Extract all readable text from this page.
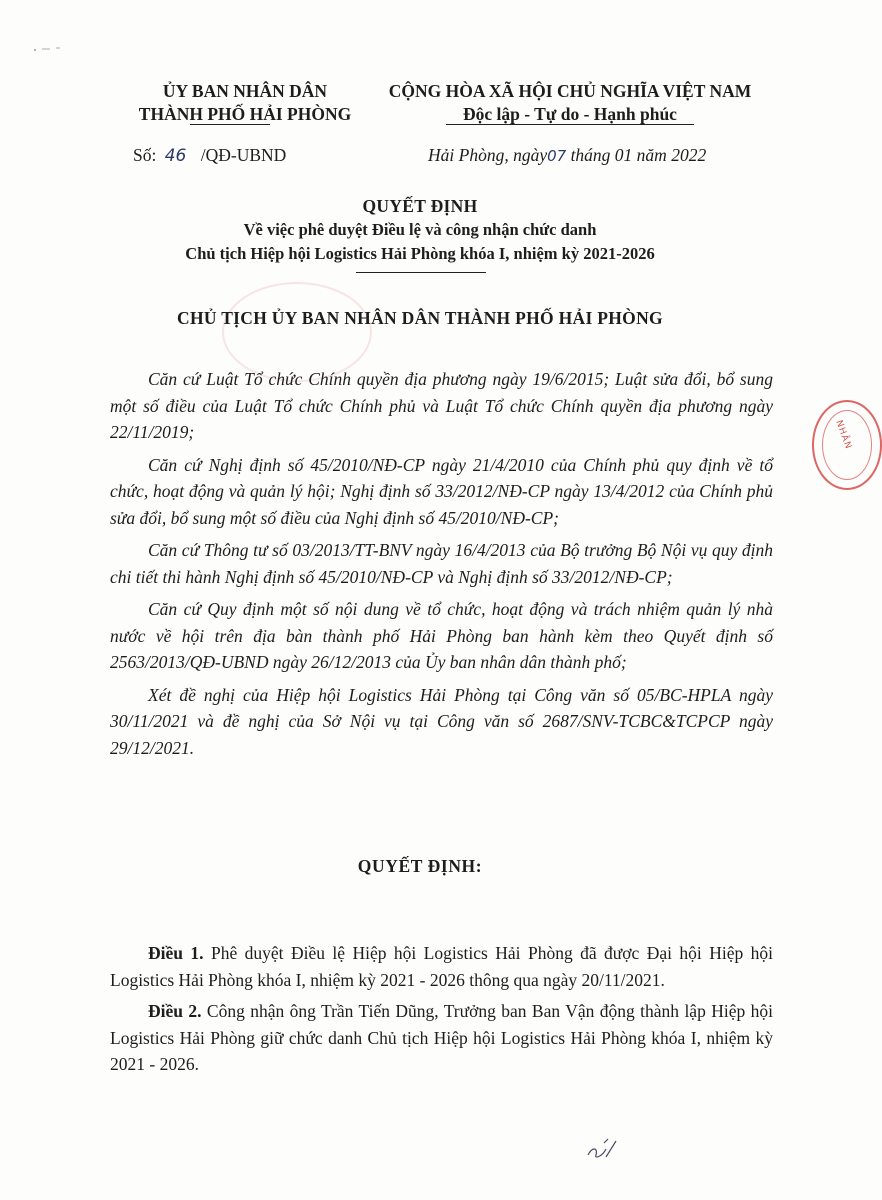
ỦY BAN NHÂN DÂN
THÀNH PHỐ HẢI PHÒNG
CỘNG HÒA XÃ HỘI CHỦ NGHĨA VIỆT NAM
Độc lập - Tự do - Hạnh phúc
Số: 46 /QĐ-UBND	Hải Phòng, ngày07 tháng 01 năm 2022
QUYẾT ĐỊNH
Về việc phê duyệt Điều lệ và công nhận chức danh
Chủ tịch Hiệp hội Logistics Hải Phòng khóa I, nhiệm kỳ 2021-2026
CHỦ TỊCH ỦY BAN NHÂN DÂN THÀNH PHỐ HẢI PHÒNG

Căn cứ Luật Tổ chức Chính quyền địa phương ngày 19/6/2015; Luật sửa đổi, bổ sung một số điều của Luật Tổ chức Chính phủ và Luật Tổ chức Chính quyền địa phương ngày 22/11/2019;

Căn cứ Nghị định số 45/2010/NĐ-CP ngày 21/4/2010 của Chính phủ quy định về tổ chức, hoạt động và quản lý hội; Nghị định số 33/2012/NĐ-CP ngày 13/4/2012 của Chính phủ sửa đổi, bổ sung một số điều của Nghị định số 45/2010/NĐ-CP;

Căn cứ Thông tư số 03/2013/TT-BNV ngày 16/4/2013 của Bộ trưởng Bộ Nội vụ quy định chi tiết thi hành Nghị định số 45/2010/NĐ-CP và Nghị định số 33/2012/NĐ-CP;

Căn cứ Quy định một số nội dung về tổ chức, hoạt động và trách nhiệm quản lý nhà nước về hội trên địa bàn thành phố Hải Phòng ban hành kèm theo Quyết định số 2563/2013/QĐ-UBND ngày 26/12/2013 của Ủy ban nhân dân thành phố;

Xét đề nghị của Hiệp hội Logistics Hải Phòng tại Công văn số 05/BC-HPLA ngày 30/11/2021 và đề nghị của Sở Nội vụ tại Công văn số 2687/SNV-TCBC&TCPCP ngày 29/12/2021.

QUYẾT ĐỊNH:

Điều 1. Phê duyệt Điều lệ Hiệp hội Logistics Hải Phòng đã được Đại hội Hiệp hội Logistics Hải Phòng khóa I, nhiệm kỳ 2021 - 2026 thông qua ngày 20/11/2021.

Điều 2. Công nhận ông Trần Tiến Dũng, Trưởng ban Ban Vận động thành lập Hiệp hội Logistics Hải Phòng giữ chức danh Chủ tịch Hiệp hội Logistics Hải Phòng khóa I, nhiệm kỳ 2021 - 2026.

NHÂN
